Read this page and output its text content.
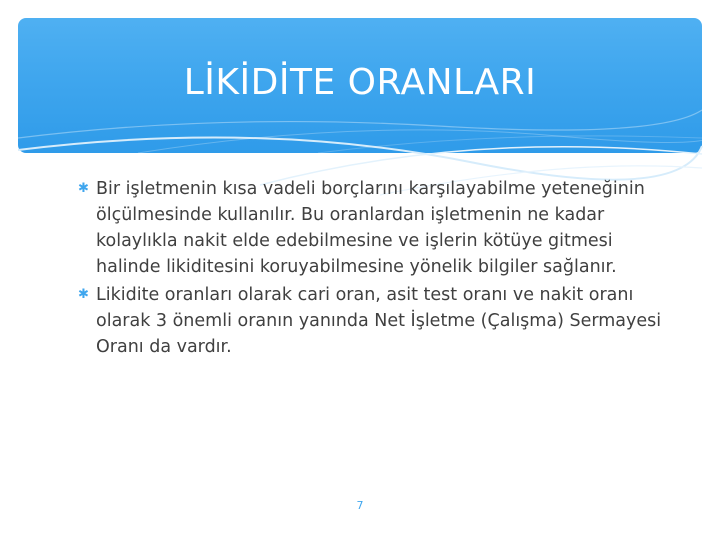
LİKİDİTE ORANLARI
✱ Bir işletmenin kısa vadeli borçlarını karşılayabilme yeteneğinin ölçülmesinde kullanılır. Bu oranlardan işletmenin ne kadar kolaylıkla nakit elde edebilmesine ve işlerin kötüye gitmesi halinde likiditesini koruyabilmesine yönelik bilgiler sağlanır.
✱ Likidite oranları olarak cari oran, asit test oranı ve nakit oranı olarak 3 önemli oranın yanında Net İşletme (Çalışma) Sermayesi Oranı da vardır.
7
